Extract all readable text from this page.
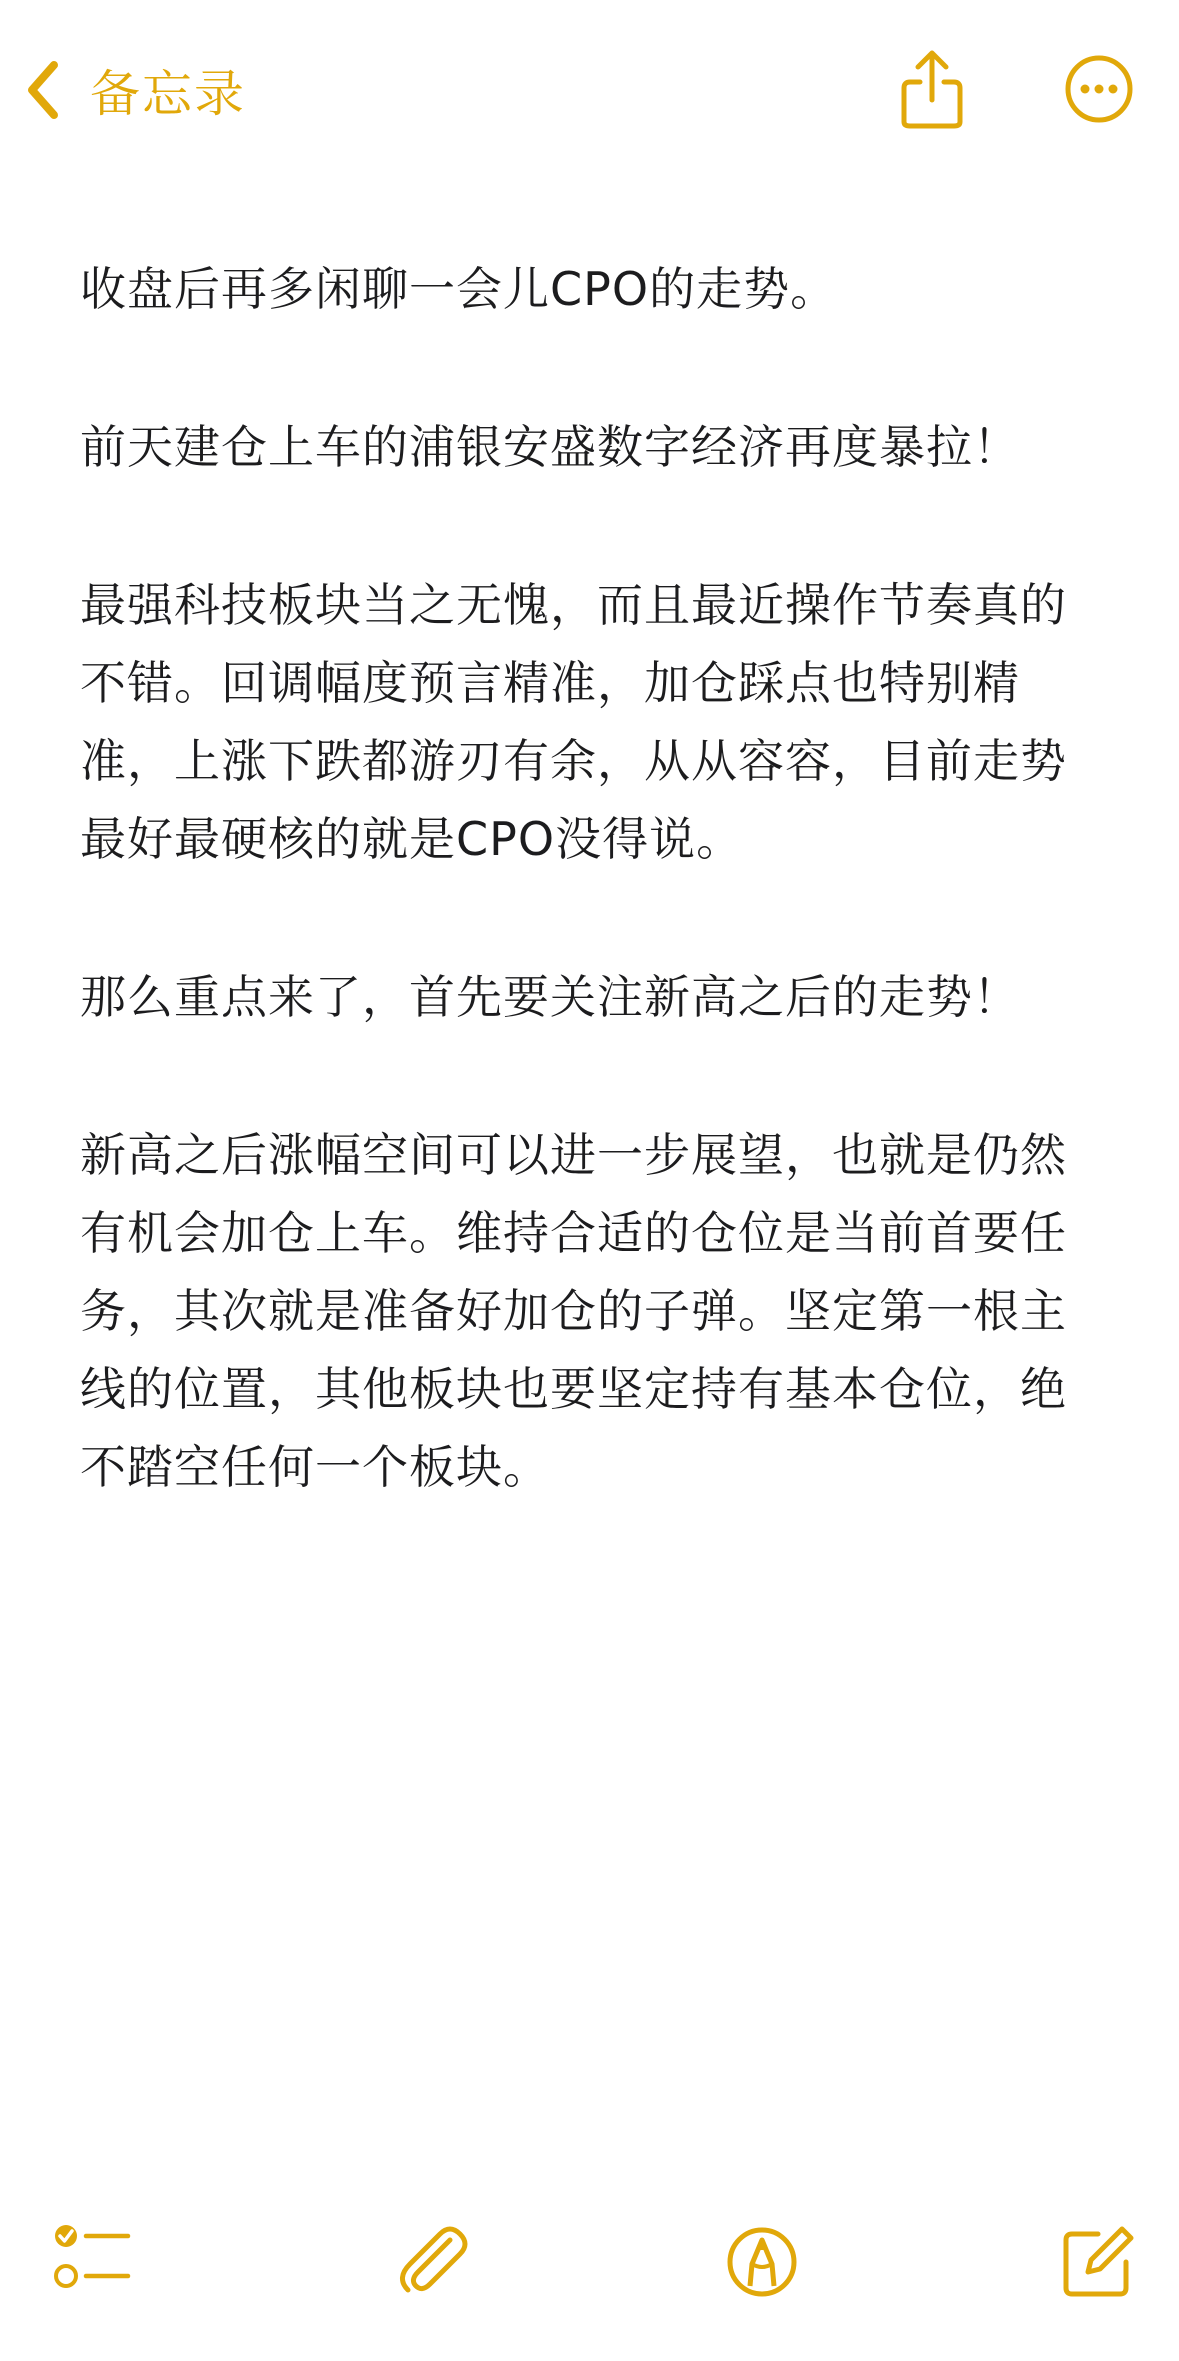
备忘录

收盘后再多闲聊一会儿CPO的走势。

前天建仓上车的浦银安盛数字经济再度暴拉！

最强科技板块当之无愧，而且最近操作节奏真的不错。回调幅度预言精准，加仓踩点也特别精准，上涨下跌都游刃有余，从从容容，目前走势最好最硬核的就是CPO没得说。

那么重点来了，首先要关注新高之后的走势！

新高之后涨幅空间可以进一步展望，也就是仍然有机会加仓上车。维持合适的仓位是当前首要任务，其次就是准备好加仓的子弹。坚定第一根主线的位置，其他板块也要坚定持有基本仓位，绝不踏空任何一个板块。
